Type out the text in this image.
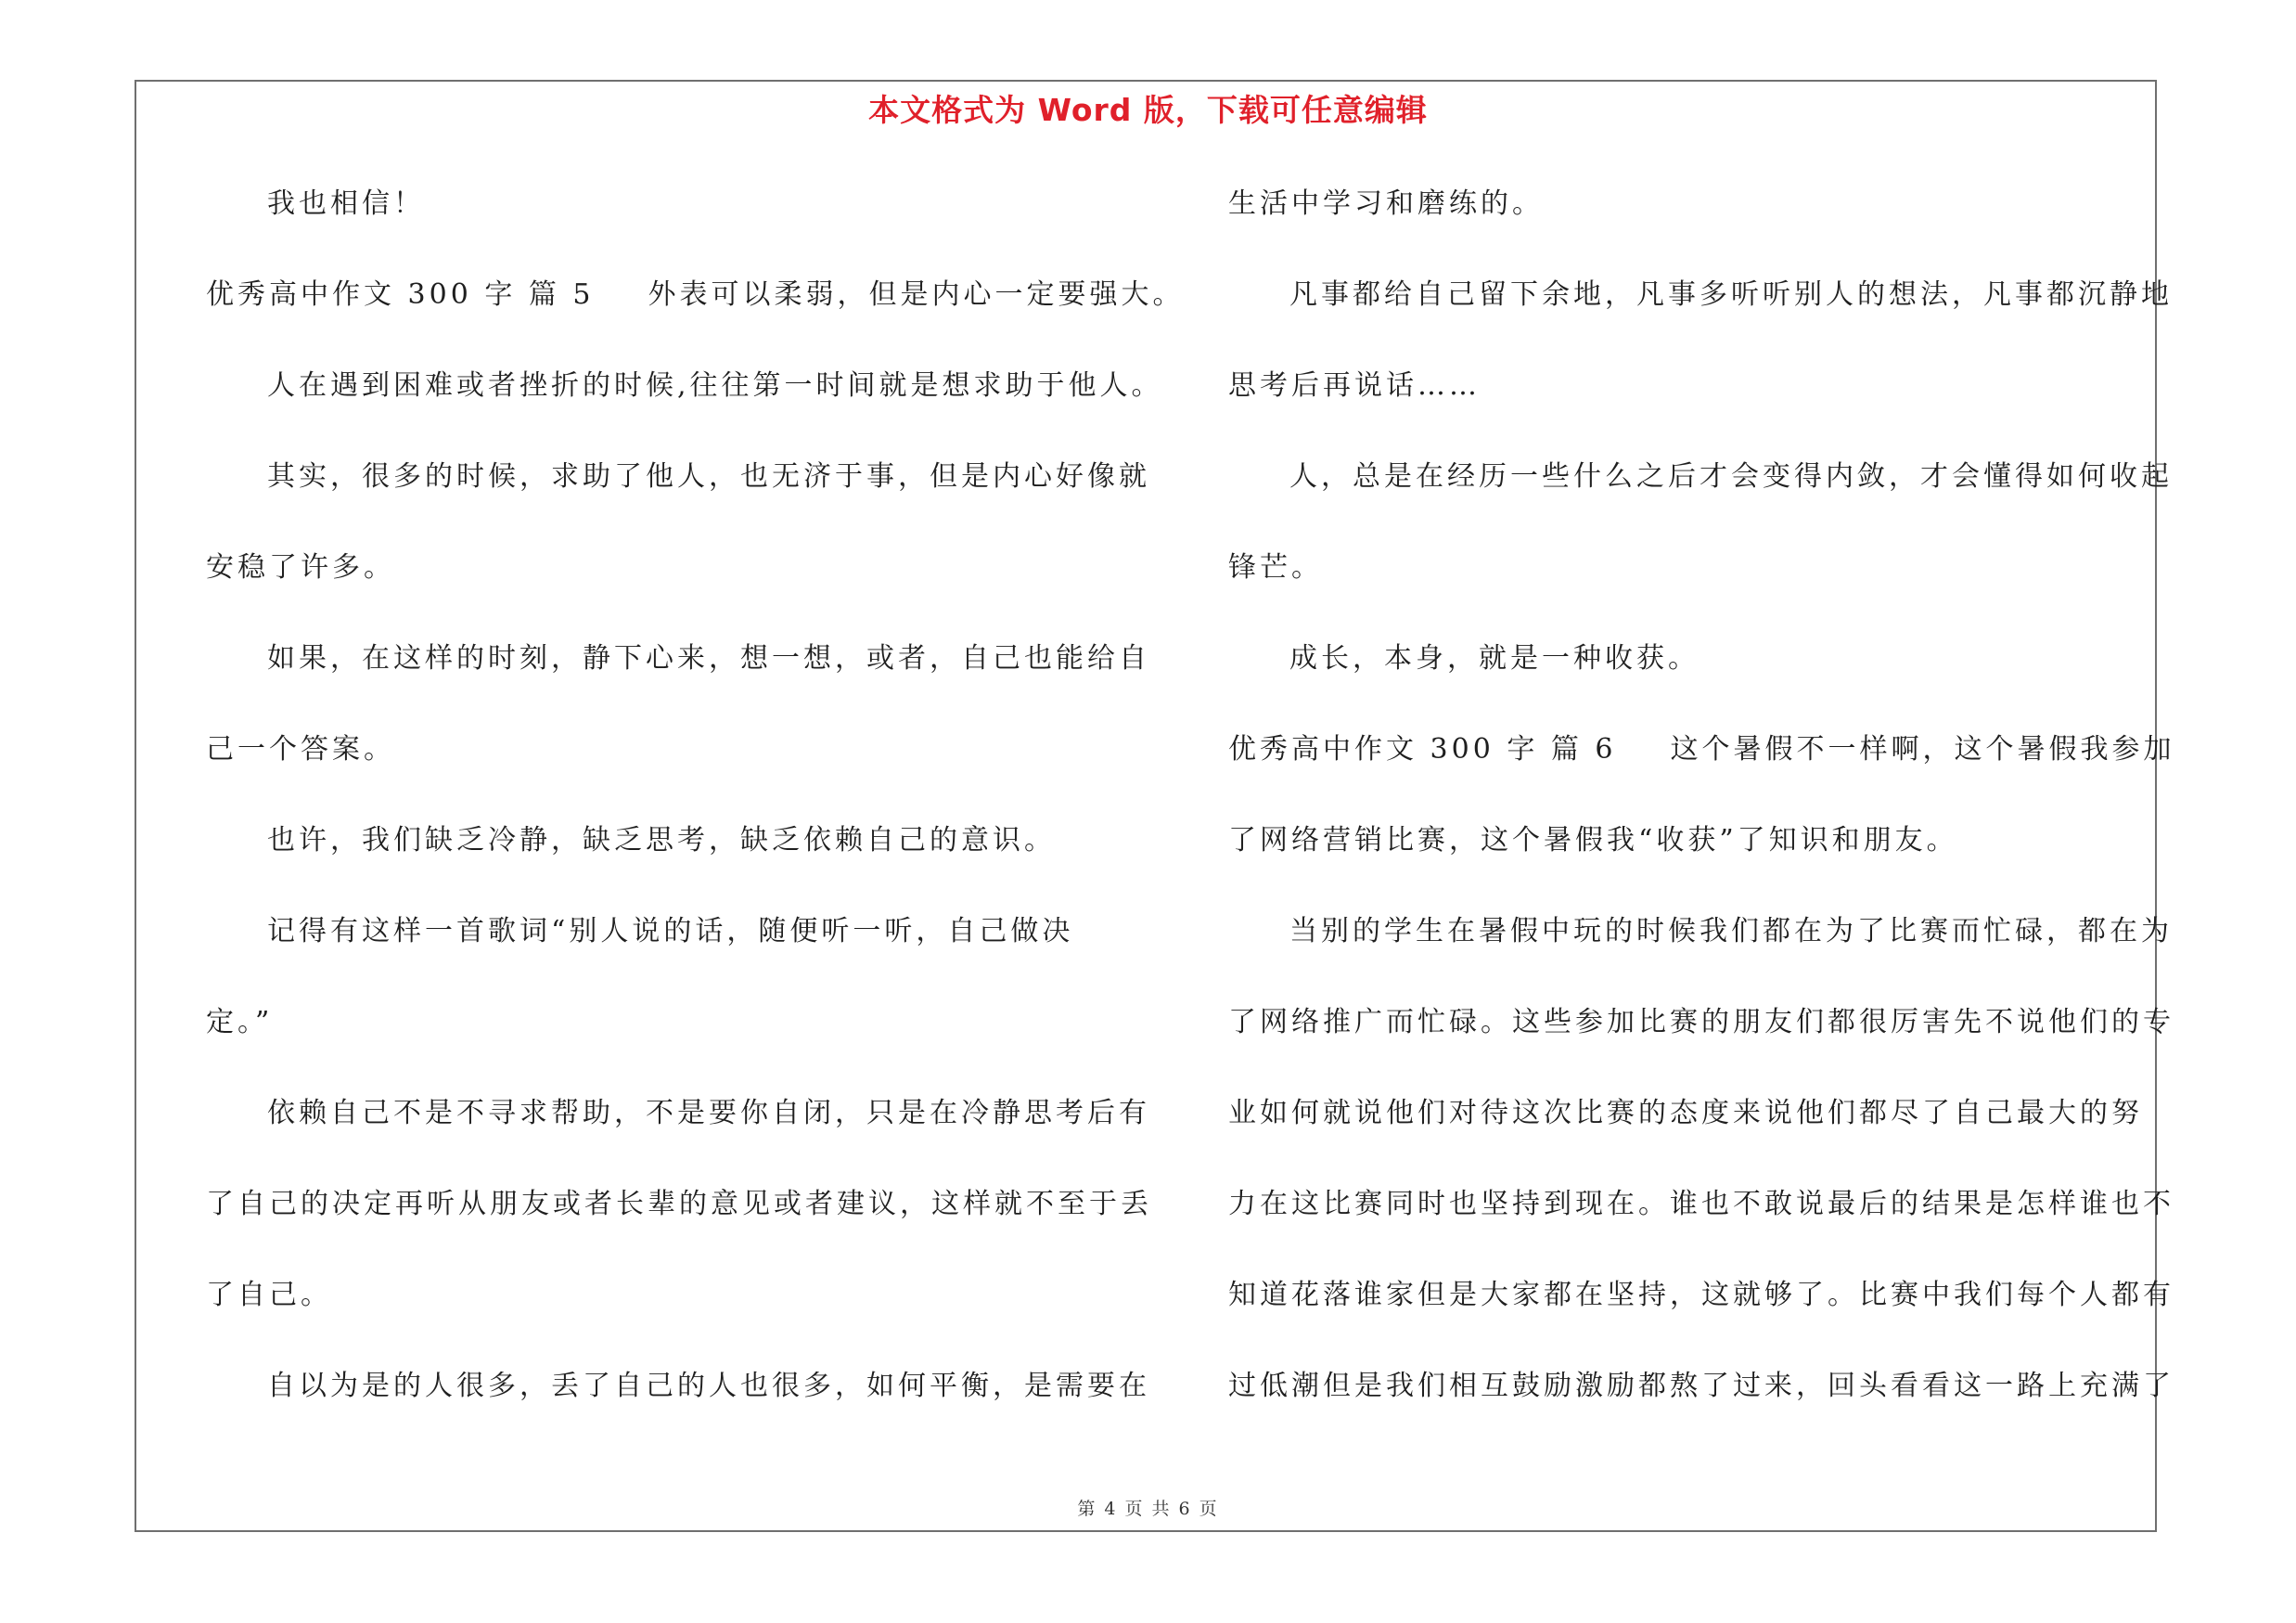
本文格式为 Word 版，下载可任意编辑
我也相信！
优秀高中作文 300 字 篇 5 外表可以柔弱，但是内心一定要强大。
人在遇到困难或者挫折的时候,往往第一时间就是想求助于他人。
其实，很多的时候，求助了他人，也无济于事，但是内心好像就
安稳了许多。
如果，在这样的时刻，静下心来，想一想，或者，自己也能给自
己一个答案。
也许，我们缺乏冷静，缺乏思考，缺乏依赖自己的意识。
记得有这样一首歌词“别人说的话，随便听一听，自己做决
定。”
依赖自己不是不寻求帮助，不是要你自闭，只是在冷静思考后有
了自己的决定再听从朋友或者长辈的意见或者建议，这样就不至于丢
了自己。
自以为是的人很多，丢了自己的人也很多，如何平衡，是需要在
生活中学习和磨练的。
凡事都给自己留下余地，凡事多听听别人的想法，凡事都沉静地
思考后再说话……
人，总是在经历一些什么之后才会变得内敛，才会懂得如何收起
锋芒。
成长，本身，就是一种收获。
优秀高中作文 300 字 篇 6 这个暑假不一样啊，这个暑假我参加
了网络营销比赛，这个暑假我“收获”了知识和朋友。
当别的学生在暑假中玩的时候我们都在为了比赛而忙碌，都在为
了网络推广而忙碌。这些参加比赛的朋友们都很厉害先不说他们的专
业如何就说他们对待这次比赛的态度来说他们都尽了自己最大的努
力在这比赛同时也坚持到现在。谁也不敢说最后的结果是怎样谁也不
知道花落谁家但是大家都在坚持，这就够了。比赛中我们每个人都有
过低潮但是我们相互鼓励激励都熬了过来，回头看看这一路上充满了
第 4 页 共 6 页
